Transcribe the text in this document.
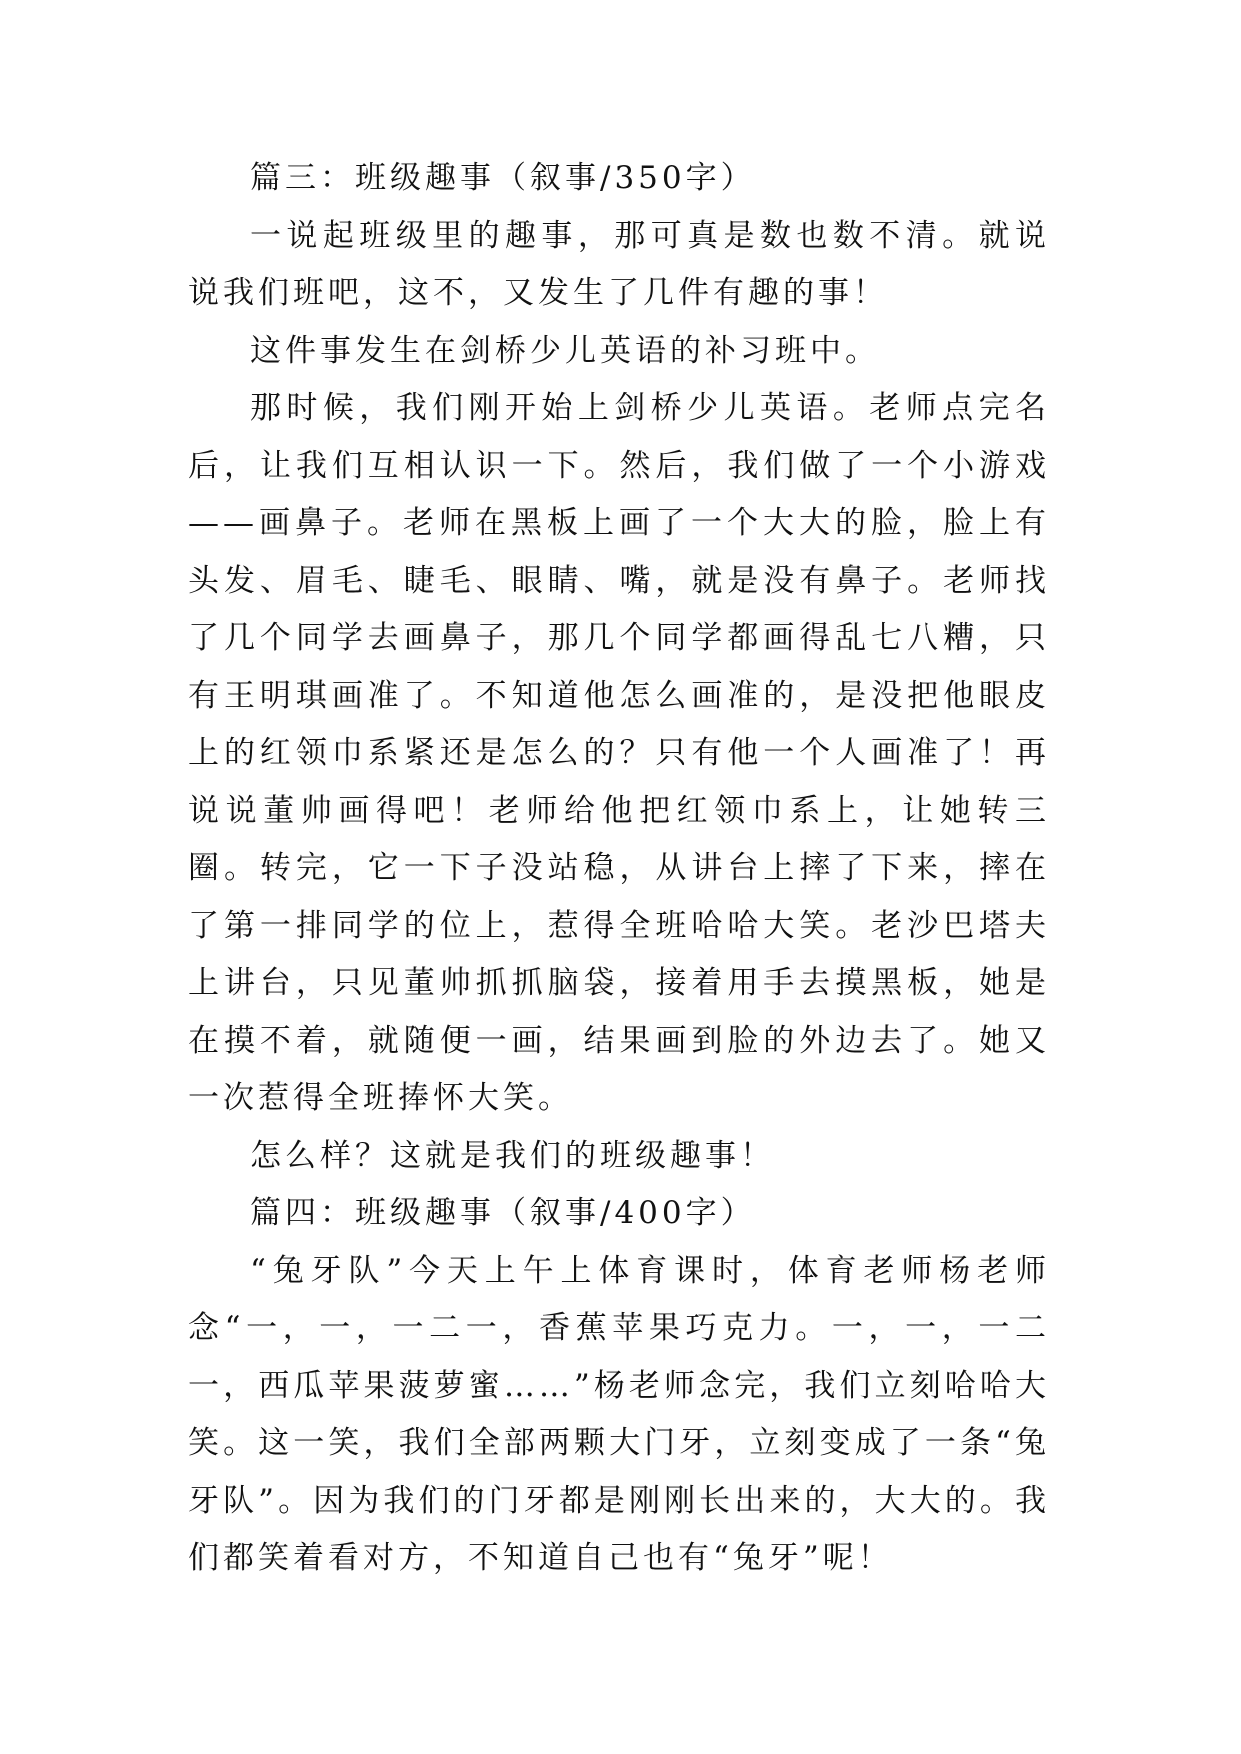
篇三：班级趣事（叙事/350字）

一说起班级里的趣事，那可真是数也数不清。就说说我们班吧，这不，又发生了几件有趣的事！

这件事发生在剑桥少儿英语的补习班中。

那时候，我们刚开始上剑桥少儿英语。老师点完名后，让我们互相认识一下。然后，我们做了一个小游戏——画鼻子。老师在黑板上画了一个大大的脸，脸上有头发、眉毛、睫毛、眼睛、嘴，就是没有鼻子。老师找了几个同学去画鼻子，那几个同学都画得乱七八糟，只有王明琪画准了。不知道他怎么画准的，是没把他眼皮上的红领巾系紧还是怎么的？只有他一个人画准了！再说说董帅画得吧！老师给他把红领巾系上，让她转三圈。转完，它一下子没站稳，从讲台上摔了下来，摔在了第一排同学的位上，惹得全班哈哈大笑。老沙巴塔夫上讲台，只见董帅抓抓脑袋，接着用手去摸黑板，她是在摸不着，就随便一画，结果画到脸的外边去了。她又一次惹得全班捧怀大笑。

怎么样？这就是我们的班级趣事！

篇四：班级趣事（叙事/400字）

“兔牙队”今天上午上体育课时，体育老师杨老师念“一，一，一二一，香蕉苹果巧克力。一，一，一二一，西瓜苹果菠萝蜜……”杨老师念完，我们立刻哈哈大笑。这一笑，我们全部两颗大门牙，立刻变成了一条“兔牙队”。因为我们的门牙都是刚刚长出来的，大大的。我们都笑着看对方，不知道自己也有“兔牙”呢！
